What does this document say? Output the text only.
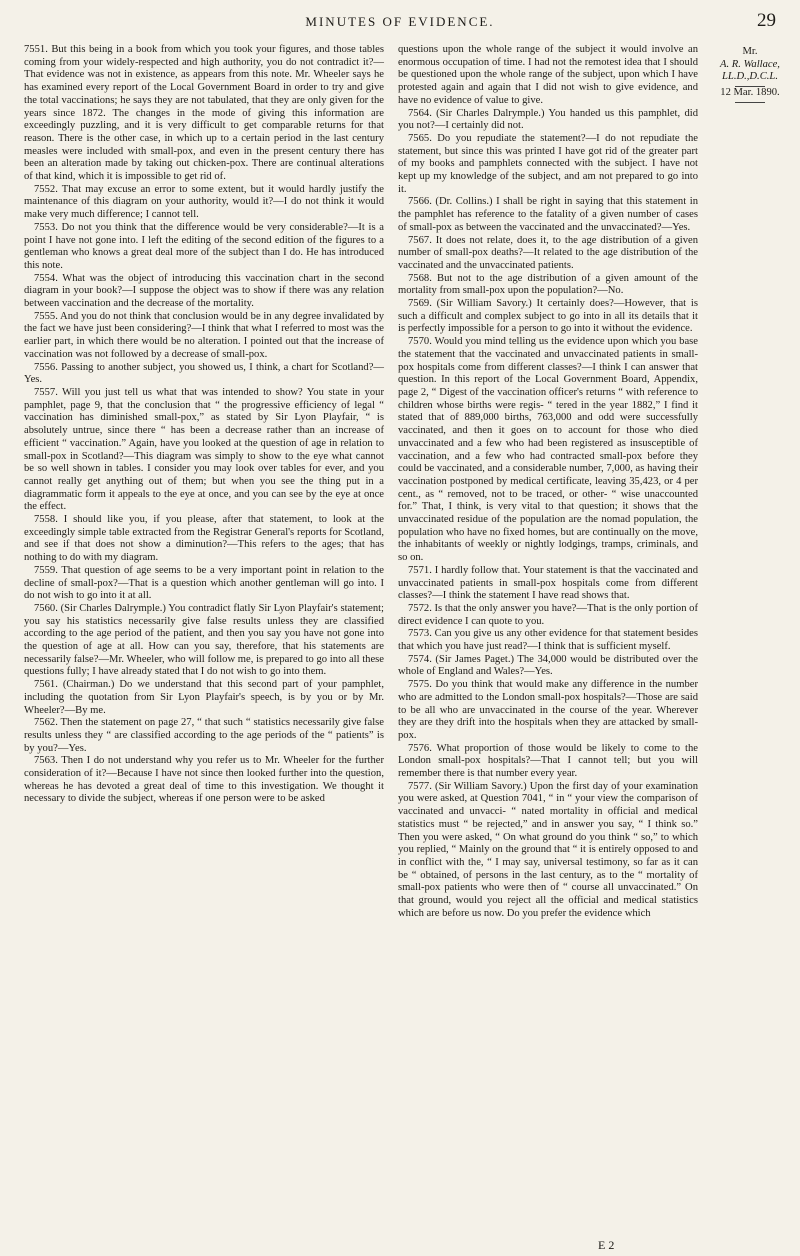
MINUTES OF EVIDENCE.	29

7551. But this being in a book from which you took your figures, and those tables coming from your widely-respected and high authority, you do not contradict it?—That evidence was not in existence, as appears from this note. Mr. Wheeler says he has examined every report of the Local Government Board in order to try and give the total vaccinations; he says they are not tabulated, that they are only given for the years since 1872. The changes in the mode of giving this information are exceedingly puzzling, and it is very difficult to get comparable returns for that reason. There is the other case, in which up to a certain period in the last century measles were included with small-pox, and even in the present century there has been an alteration made by taking out chicken-pox. There are continual alterations of that kind, which it is impossible to get rid of.

7552. That may excuse an error to some extent, but it would hardly justify the maintenance of this diagram on your authority, would it?—I do not think it would make very much difference; I cannot tell.

7553. Do not you think that the difference would be very considerable?—It is a point I have not gone into. I left the editing of the second edition of the figures to a gentleman who knows a great deal more of the subject than I do. He has introduced this note.

7554. What was the object of introducing this vaccination chart in the second diagram in your book?—I suppose the object was to show if there was any relation between vaccination and the decrease of the mortality.

7555. And you do not think that conclusion would be in any degree invalidated by the fact we have just been considering?—I think that what I referred to most was the earlier part, in which there would be no alteration. I pointed out that the increase of vaccination was not followed by a decrease of small-pox.

7556. Passing to another subject, you showed us, I think, a chart for Scotland?—Yes.

7557. Will you just tell us what that was intended to show? You state in your pamphlet, page 9, that the conclusion that “ the progressive efficiency of legal “ vaccination has diminished small-pox,” as stated by Sir Lyon Playfair, “ is absolutely untrue, since there “ has been a decrease rather than an increase of efficient “ vaccination.” Again, have you looked at the question of age in relation to small-pox in Scotland?—This diagram was simply to show to the eye what cannot be so well shown in tables. I consider you may look over tables for ever, and you cannot really get anything out of them; but when you see the thing put in a diagrammatic form it appeals to the eye at once, and you can see by the eye at once the effect.

7558. I should like you, if you please, after that statement, to look at the exceedingly simple table extracted from the Registrar General's reports for Scotland, and see if that does not show a diminution?—This refers to the ages; that has nothing to do with my diagram.

7559. That question of age seems to be a very important point in relation to the decline of small-pox?—That is a question which another gentleman will go into. I do not wish to go into it at all.

7560. (Sir Charles Dalrymple.) You contradict flatly Sir Lyon Playfair's statement; you say his statistics necessarily give false results unless they are classified according to the age period of the patient, and then you say you have not gone into the question of age at all. How can you say, therefore, that his statements are necessarily false?—Mr. Wheeler, who will follow me, is prepared to go into all these questions fully; I have already stated that I do not wish to go into them.

7561. (Chairman.) Do we understand that this second part of your pamphlet, including the quotation from Sir Lyon Playfair's speech, is by you or by Mr. Wheeler?—By me.

7562. Then the statement on page 27, “ that such “ statistics necessarily give false results unless they “ are classified according to the age periods of the “ patients” is by you?—Yes.

7563. Then I do not understand why you refer us to Mr. Wheeler for the further consideration of it?—Because I have not since then looked further into the question, whereas he has devoted a great deal of time to this investigation. We thought it necessary to divide the subject, whereas if one person were to be asked

questions upon the whole range of the subject it would involve an enormous occupation of time. I had not the remotest idea that I should be questioned upon the whole range of the subject, upon which I have protested again and again that I did not wish to give evidence, and have no evidence of value to give.

7564. (Sir Charles Dalrymple.) You handed us this pamphlet, did you not?—I certainly did not.

7565. Do you repudiate the statement?—I do not repudiate the statement, but since this was printed I have got rid of the greater part of my books and pamphlets connected with the subject. I have not kept up my knowledge of the subject, and am not prepared to go into it.

7566. (Dr. Collins.) I shall be right in saying that this statement in the pamphlet has reference to the fatality of a given number of cases of small-pox as between the vaccinated and the unvaccinated?—Yes.

7567. It does not relate, does it, to the age distribution of a given number of small-pox deaths?—It related to the age distribution of the vaccinated and the unvaccinated patients.

7568. But not to the age distribution of a given amount of the mortality from small-pox upon the population?—No.

7569. (Sir William Savory.) It certainly does?—However, that is such a difficult and complex subject to go into in all its details that it is perfectly impossible for a person to go into it without the evidence.

7570. Would you mind telling us the evidence upon which you base the statement that the vaccinated and unvaccinated patients in small-pox hospitals come from different classes?—I think I can answer that question. In this report of the Local Government Board, Appendix, page 2, “ Digest of the vaccination officer's returns “ with reference to children whose births were regis- “ tered in the year 1882,” I find it stated that of 889,000 births, 763,000 and odd were successfully vaccinated, and then it goes on to account for those who died unvaccinated and a few who had been registered as insusceptible of vaccination, and a few who had contracted small-pox before they could be vaccinated, and a considerable number, 7,000, as having their vaccination postponed by medical certificate, leaving 35,423, or 4 per cent., as “ removed, not to be traced, or other- “ wise unaccounted for.” That, I think, is very vital to that question; it shows that the unvaccinated residue of the population are the nomad population, the population who have no fixed homes, but are continually on the move, the inhabitants of weekly or nightly lodgings, tramps, criminals, and so on.

7571. I hardly follow that. Your statement is that the vaccinated and unvaccinated patients in small-pox hospitals come from different classes?—I think the statement I have read shows that.

7572. Is that the only answer you have?—That is the only portion of direct evidence I can quote to you.

7573. Can you give us any other evidence for that statement besides that which you have just read?—I think that is sufficient myself.

7574. (Sir James Paget.) The 34,000 would be distributed over the whole of England and Wales?—Yes.

7575. Do you think that would make any difference in the number who are admitted to the London small-pox hospitals?—Those are said to be all who are unvaccinated in the course of the year. Wherever they are they drift into the hospitals when they are attacked by small-pox.

7576. What proportion of those would be likely to come to the London small-pox hospitals?—That I cannot tell; but you will remember there is that number every year.

7577. (Sir William Savory.) Upon the first day of your examination you were asked, at Question 7041, “ in “ your view the comparison of vaccinated and unvacci- “ nated mortality in official and medical statistics must “ be rejected,” and in answer you say, “ I think so.” Then you were asked, “ On what ground do you think “ so,” to which you replied, “ Mainly on the ground that “ it is entirely opposed to and in conflict with the, “ I may say, universal testimony, so far as it can be “ obtained, of persons in the last century, as to the “ mortality of small-pox patients who were then of “ course all unvaccinated.” On that ground, would you reject all the official and medical statistics which are before us now. Do you prefer the evidence which

Mr.
A. R. Wallace,
LL.D.,D.C.L.
12 Mar. 1890.
E 2
